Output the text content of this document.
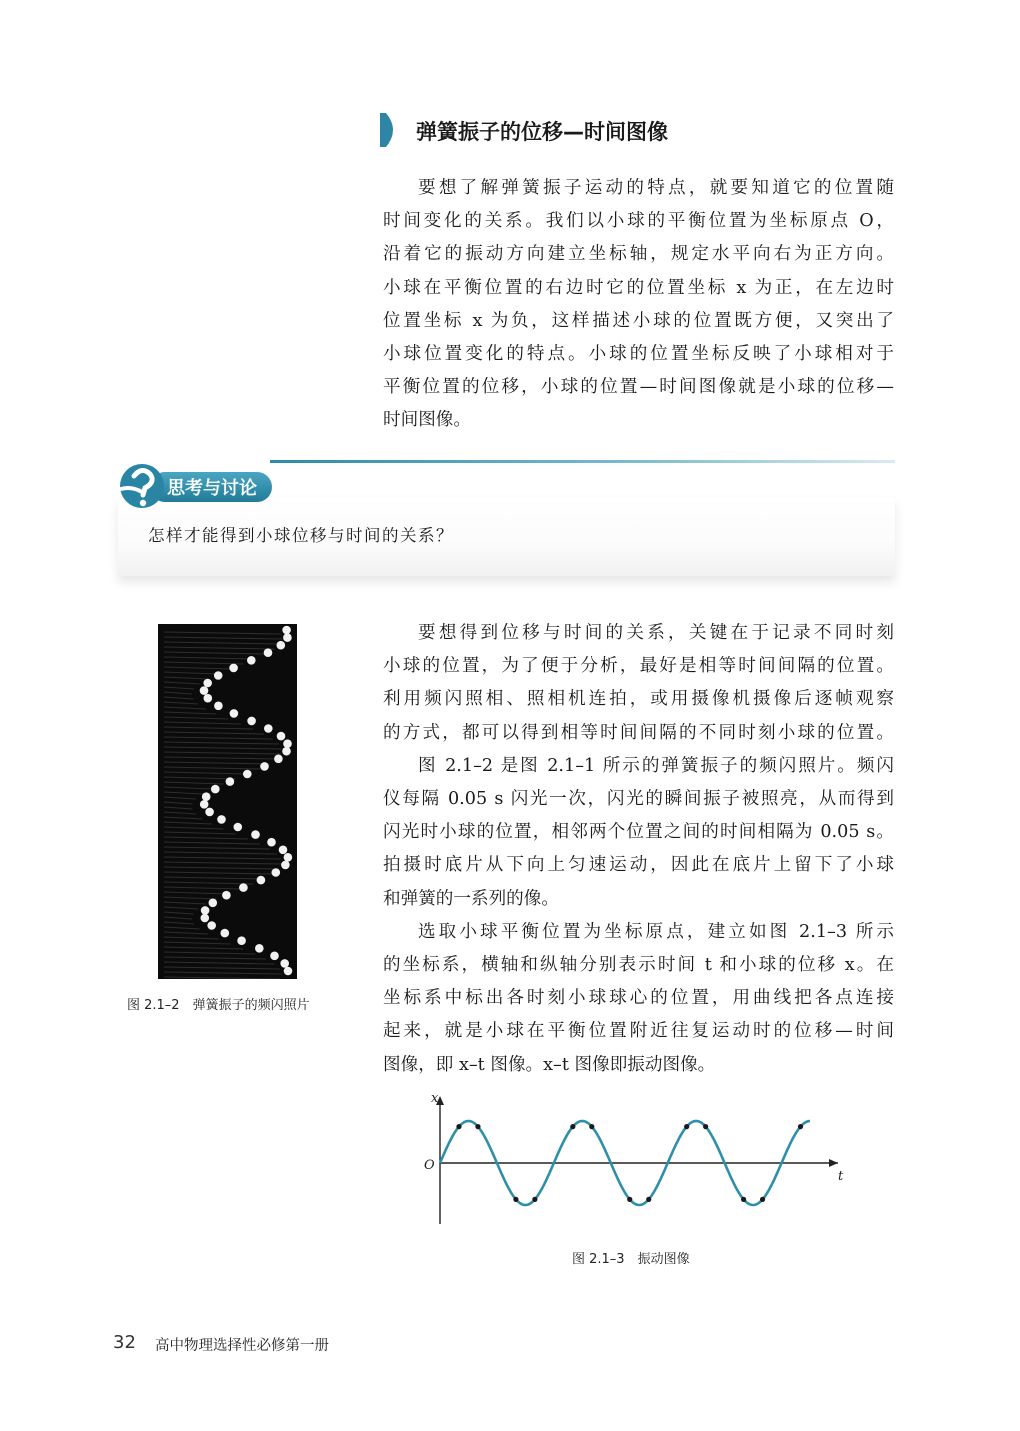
弹簧振子的位移—时间图像
要想了解弹簧振子运动的特点，就要知道它的位置随
时间变化的关系。我们以小球的平衡位置为坐标原点 O，
沿着它的振动方向建立坐标轴，规定水平向右为正方向。
小球在平衡位置的右边时它的位置坐标 x 为正，在左边时
位置坐标 x 为负，这样描述小球的位置既方便，又突出了
小球位置变化的特点。小球的位置坐标反映了小球相对于
平衡位置的位移，小球的位置—时间图像就是小球的位移—
时间图像。
思考与讨论
怎样才能得到小球位移与时间的关系？
图 2.1–2　弹簧振子的频闪照片
要想得到位移与时间的关系，关键在于记录不同时刻
小球的位置，为了便于分析，最好是相等时间间隔的位置。
利用频闪照相、照相机连拍，或用摄像机摄像后逐帧观察
的方式，都可以得到相等时间间隔的不同时刻小球的位置。
图 2.1–2 是图 2.1–1 所示的弹簧振子的频闪照片。频闪
仪每隔 0.05 s 闪光一次，闪光的瞬间振子被照亮，从而得到
闪光时小球的位置，相邻两个位置之间的时间相隔为 0.05 s。
拍摄时底片从下向上匀速运动，因此在底片上留下了小球
和弹簧的一系列的像。
选取小球平衡位置为坐标原点，建立如图 2.1–3 所示
的坐标系，横轴和纵轴分别表示时间 t 和小球的位移 x。在
坐标系中标出各时刻小球球心的位置，用曲线把各点连接
起来，就是小球在平衡位置附近往复运动时的位移—时间
图像，即 x–t 图像。x–t 图像即振动图像。
x
t
O
图 2.1–3　振动图像
32 高中物理选择性必修第一册
